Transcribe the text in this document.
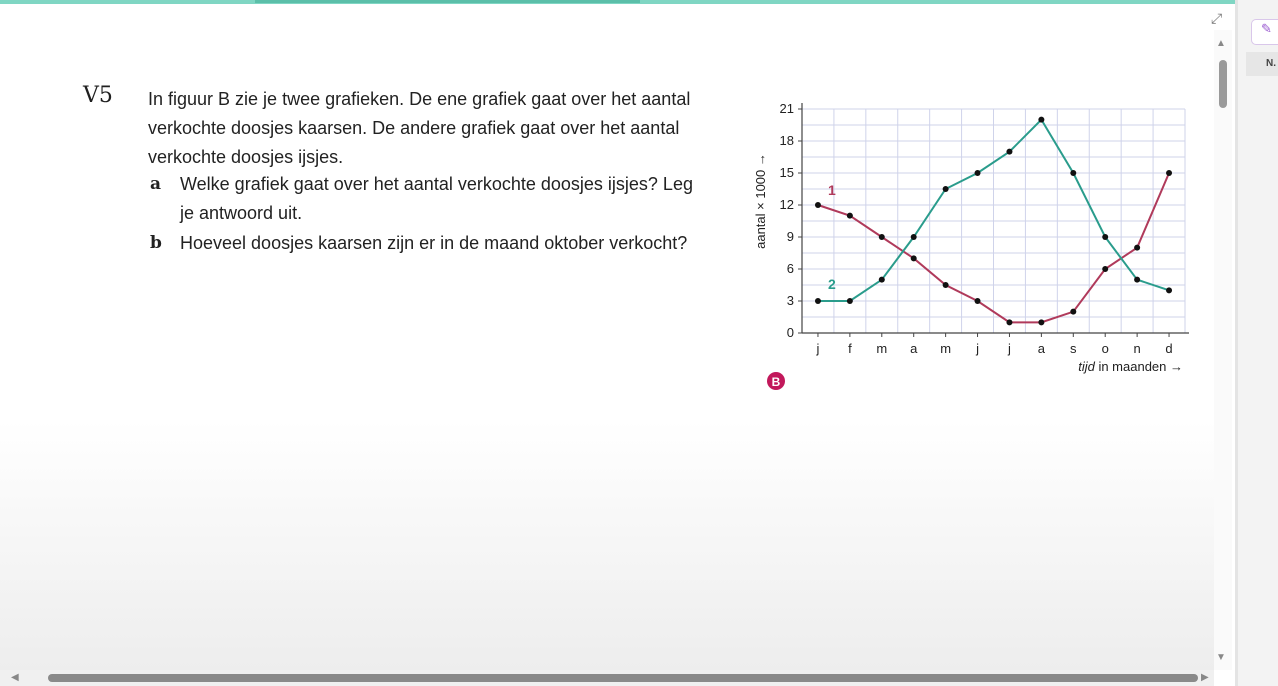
V5 In figuur B zie je twee grafieken. De ene grafiek gaat over het aantal verkochte doosjes kaarsen. De andere grafiek gaat over het aantal verkochte doosjes ijsjes.

a Welke grafiek gaat over het aantal verkochte doosjes ijsjes? Leg je antwoord uit.

b Hoeveel doosjes kaarsen zijn er in de maand oktober verkocht?

0
3
6
9
12
15
18
21
j f m a m j j a s o n d
aantal × 1000 →
tijd in maanden →
1
2
B
▲
▼
⤢
✎
N.
◀	▶
